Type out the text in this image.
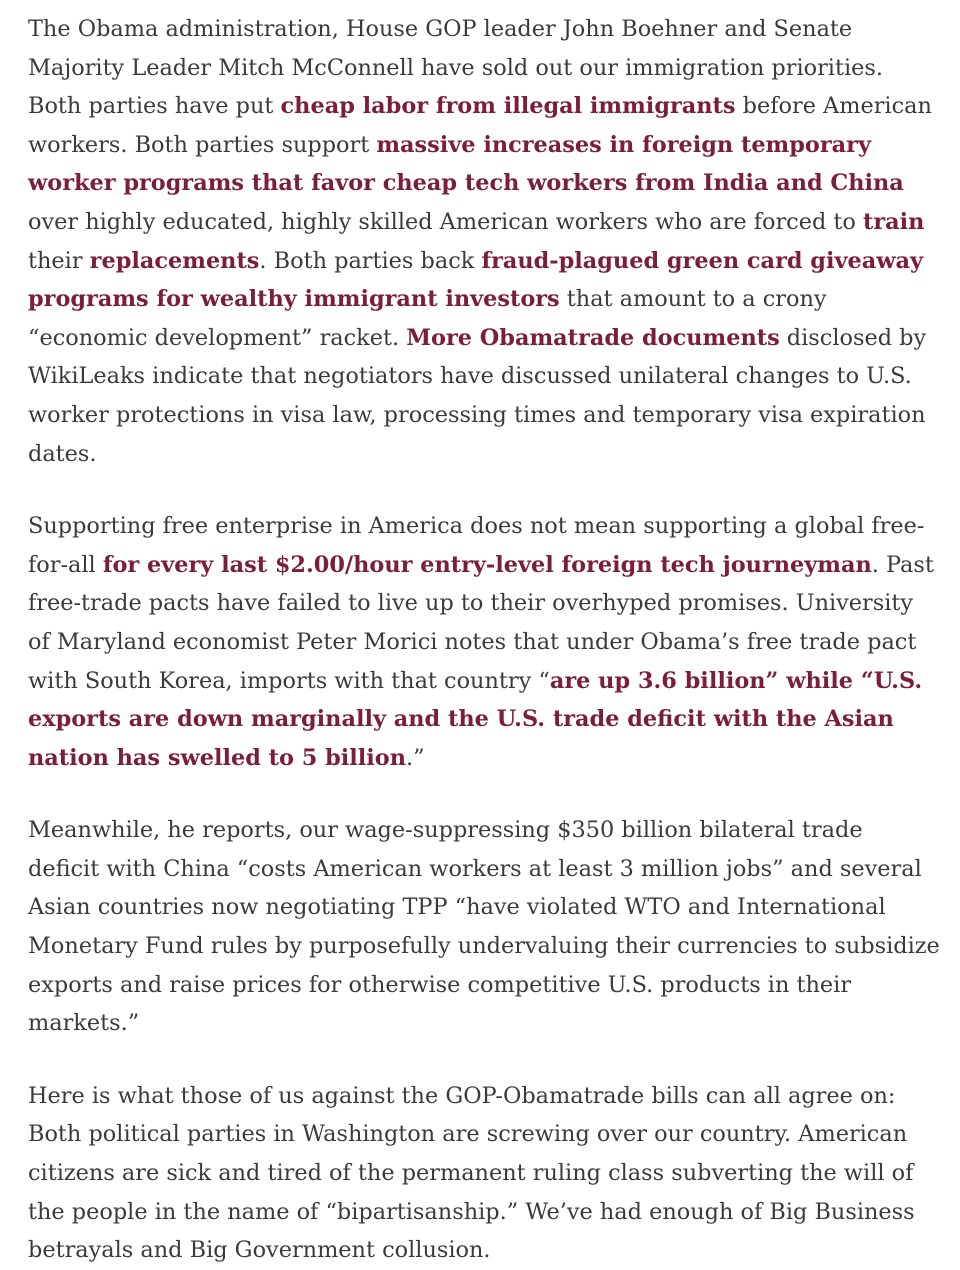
The Obama administration, House GOP leader John Boehner and Senate Majority Leader Mitch McConnell have sold out our immigration priorities. Both parties have put cheap labor from illegal immigrants before American workers. Both parties support massive increases in foreign temporary worker programs that favor cheap tech workers from India and China over highly educated, highly skilled American workers who are forced to train their replacements. Both parties back fraud-plagued green card giveaway programs for wealthy immigrant investors that amount to a crony “economic development” racket. More Obamatrade documents disclosed by WikiLeaks indicate that negotiators have discussed unilateral changes to U.S. worker protections in visa law, processing times and temporary visa expiration dates.

Supporting free enterprise in America does not mean supporting a global free-for-all for every last $2.00/hour entry-level foreign tech journeyman. Past free-trade pacts have failed to live up to their overhyped promises. University of Maryland economist Peter Morici notes that under Obama’s free trade pact with South Korea, imports with that country “are up 3.6 billion” while “U.S. exports are down marginally and the U.S. trade deficit with the Asian nation has swelled to 5 billion.”

Meanwhile, he reports, our wage-suppressing $350 billion bilateral trade deficit with China “costs American workers at least 3 million jobs” and several Asian countries now negotiating TPP “have violated WTO and International Monetary Fund rules by purposefully undervaluing their currencies to subsidize exports and raise prices for otherwise competitive U.S. products in their markets.”

Here is what those of us against the GOP-Obamatrade bills can all agree on: Both political parties in Washington are screwing over our country. American citizens are sick and tired of the permanent ruling class subverting the will of the people in the name of “bipartisanship.” We’ve had enough of Big Business betrayals and Big Government collusion.
